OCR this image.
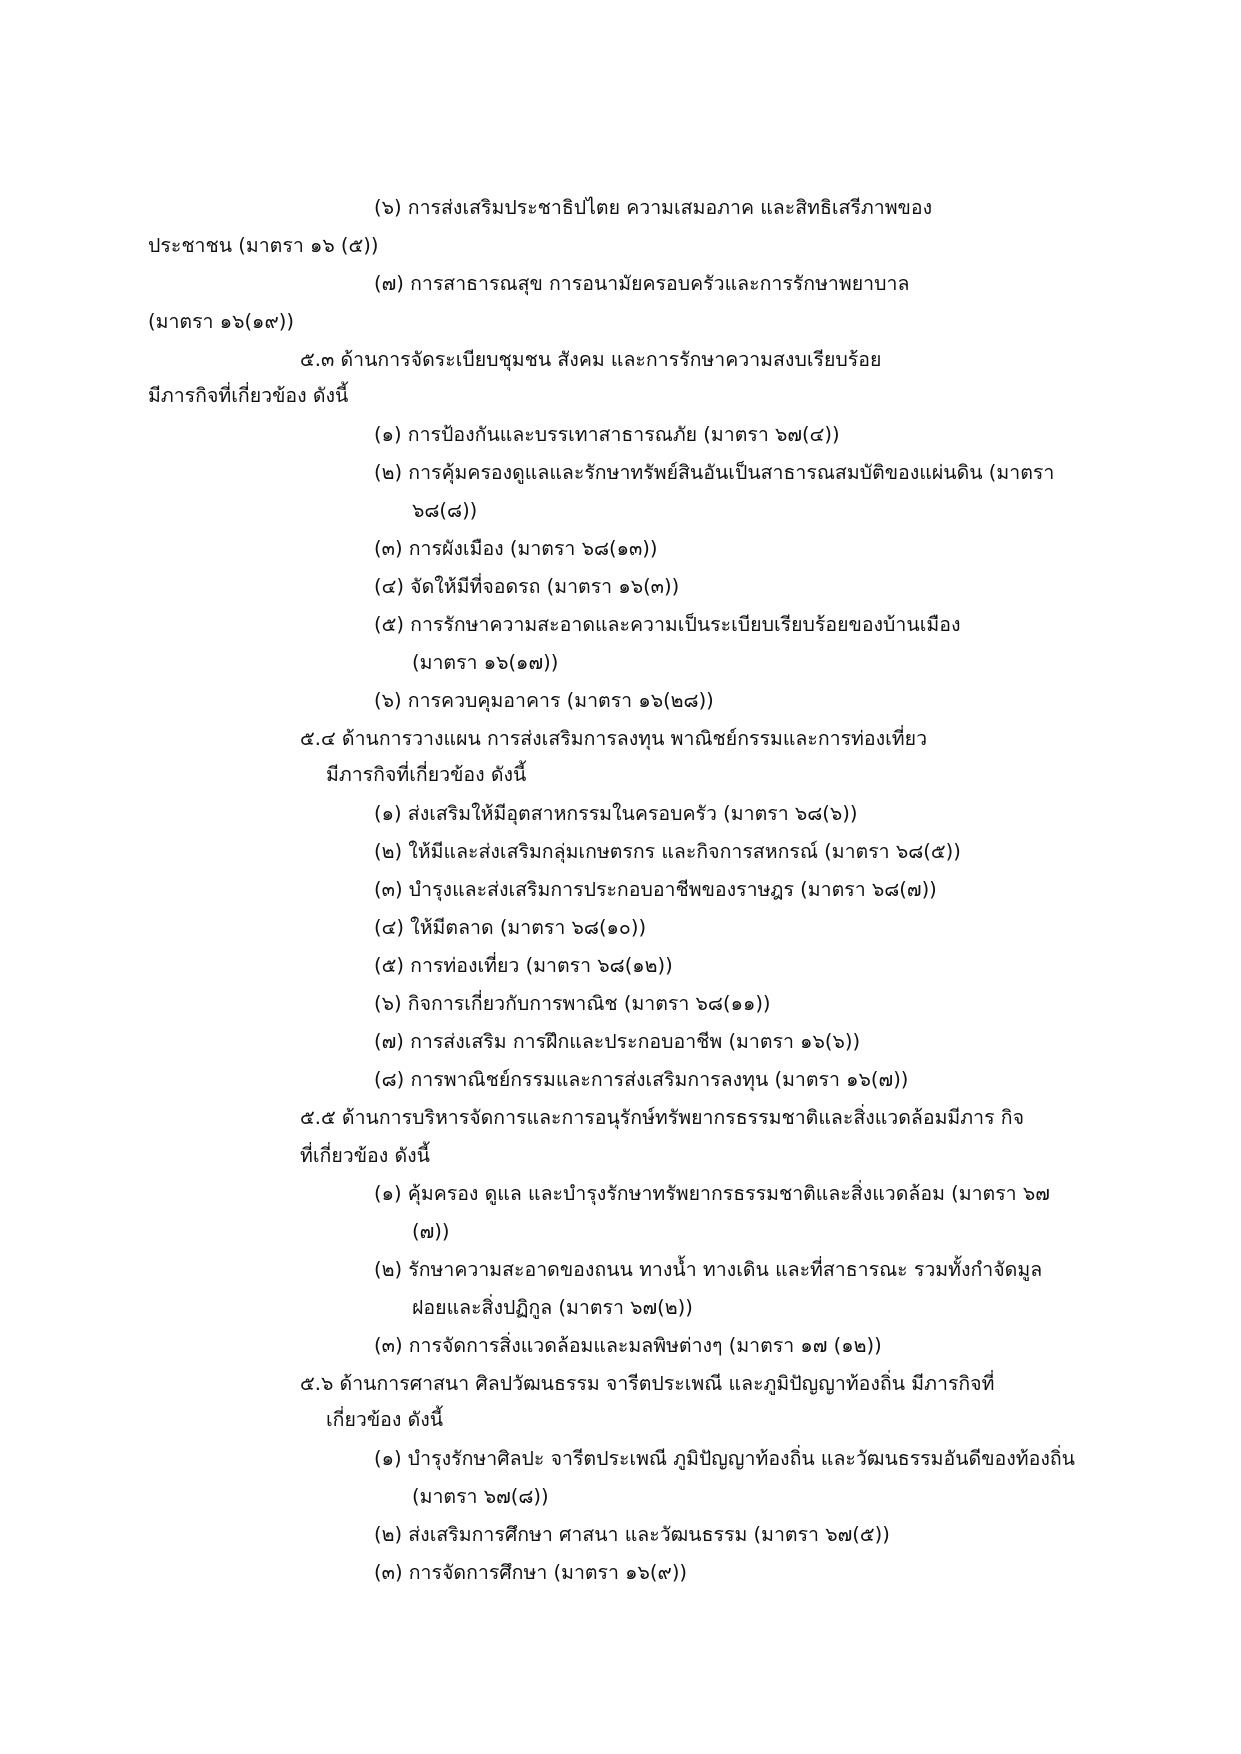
(๖) การส่งเสริมประชาธิปไตย ความเสมอภาค และสิทธิเสรีภาพของ
ประชาชน (มาตรา ๑๖ (๕))
(๗) การสาธารณสุข การอนามัยครอบครัวและการรักษาพยาบาล
(มาตรา ๑๖(๑๙))
๕.๓ ด้านการจัดระเบียบชุมชน สังคม และการรักษาความสงบเรียบร้อย
มีภารกิจที่เกี่ยวข้อง ดังนี้
(๑) การป้องกันและบรรเทาสาธารณภัย (มาตรา ๖๗(๔))
(๒) การคุ้มครองดูแลและรักษาทรัพย์สินอันเป็นสาธารณสมบัติของแผ่นดิน (มาตรา
๖๘(๘))
(๓) การผังเมือง (มาตรา ๖๘(๑๓))
(๔) จัดให้มีที่จอดรถ (มาตรา ๑๖(๓))
(๕) การรักษาความสะอาดและความเป็นระเบียบเรียบร้อยของบ้านเมือง
(มาตรา ๑๖(๑๗))
(๖) การควบคุมอาคาร (มาตรา ๑๖(๒๘))
๕.๔ ด้านการวางแผน การส่งเสริมการลงทุน พาณิชย์กรรมและการท่องเที่ยว
มีภารกิจที่เกี่ยวข้อง ดังนี้
(๑) ส่งเสริมให้มีอุตสาหกรรมในครอบครัว (มาตรา ๖๘(๖))
(๒) ให้มีและส่งเสริมกลุ่มเกษตรกร และกิจการสหกรณ์ (มาตรา ๖๘(๕))
(๓) บำรุงและส่งเสริมการประกอบอาชีพของราษฎร (มาตรา ๖๘(๗))
(๔) ให้มีตลาด (มาตรา ๖๘(๑๐))
(๕) การท่องเที่ยว (มาตรา ๖๘(๑๒))
(๖) กิจการเกี่ยวกับการพาณิช (มาตรา ๖๘(๑๑))
(๗) การส่งเสริม การฝึกและประกอบอาชีพ (มาตรา ๑๖(๖))
(๘) การพาณิชย์กรรมและการส่งเสริมการลงทุน (มาตรา ๑๖(๗))
๕.๕ ด้านการบริหารจัดการและการอนุรักษ์ทรัพยากรธรรมชาติและสิ่งแวดล้อมมีภาร กิจ
ที่เกี่ยวข้อง ดังนี้
(๑) คุ้มครอง ดูแล และบำรุงรักษาทรัพยากรธรรมชาติและสิ่งแวดล้อม (มาตรา ๖๗
(๗))
(๒) รักษาความสะอาดของถนน ทางน้ำ ทางเดิน และที่สาธารณะ รวมทั้งกำจัดมูล
ฝอยและสิ่งปฏิกูล (มาตรา ๖๗(๒))
(๓) การจัดการสิ่งแวดล้อมและมลพิษต่างๆ (มาตรา ๑๗ (๑๒))
๕.๖ ด้านการศาสนา ศิลปวัฒนธรรม จารีตประเพณี และภูมิปัญญาท้องถิ่น มีภารกิจที่
เกี่ยวข้อง ดังนี้
(๑) บำรุงรักษาศิลปะ จารีตประเพณี ภูมิปัญญาท้องถิ่น และวัฒนธรรมอันดีของท้องถิ่น
(มาตรา ๖๗(๘))
(๒) ส่งเสริมการศึกษา ศาสนา และวัฒนธรรม (มาตรา ๖๗(๕))
(๓) การจัดการศึกษา (มาตรา ๑๖(๙))
